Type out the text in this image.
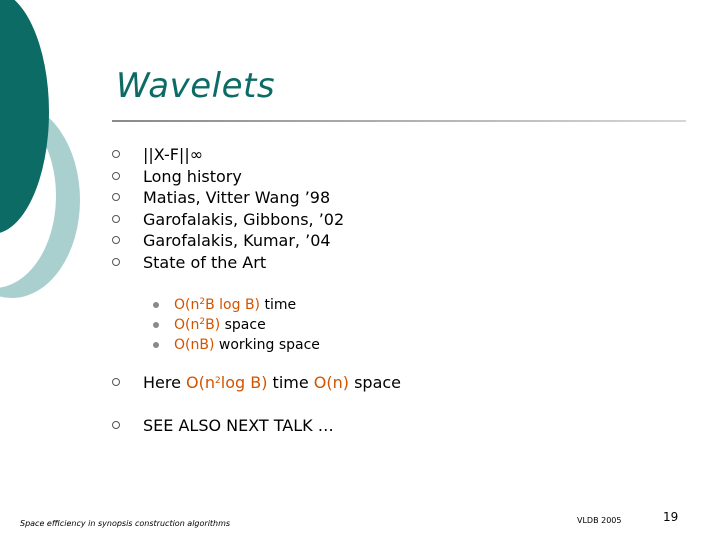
Wavelets
||X-F||∞
Long history
Matias, Vitter Wang ’98
Garofalakis, Gibbons, ’02
Garofalakis, Kumar, ’04
State of the Art
$O(n^2B$ log B) time
$O(n^2B)$ space
O(nB) working space
Here $O(n^2\log$ B) time O(n) space
SEE ALSO NEXT TALK …
Space efficiency in synopsis construction algorithms	VLDB 2005	19
